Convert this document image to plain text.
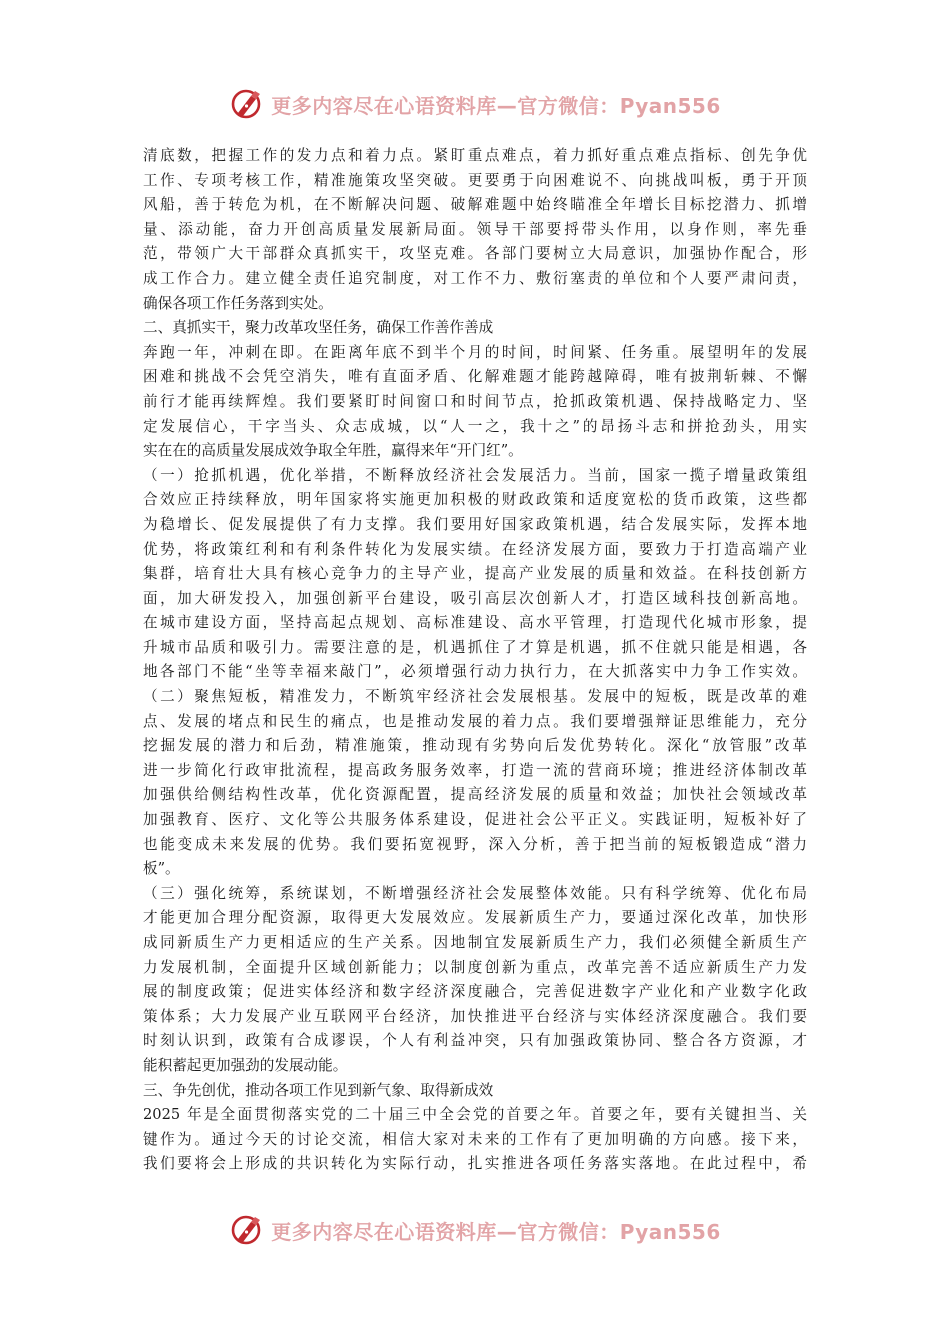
更多内容尽在心语资料库—官方微信：Pyan556
清底数，把握工作的发力点和着力点。紧盯重点难点，着力抓好重点难点指标、创先争优
工作、专项考核工作，精准施策攻坚突破。更要勇于向困难说不、向挑战叫板，勇于开顶
风船，善于转危为机，在不断解决问题、破解难题中始终瞄准全年增长目标挖潜力、抓增
量、添动能，奋力开创高质量发展新局面。领导干部要捋带头作用，以身作则，率先垂
范，带领广大干部群众真抓实干，攻坚克难。各部门要树立大局意识，加强协作配合，形
成工作合力。建立健全责任追究制度，对工作不力、敷衍塞责的单位和个人要严肃问责，
确保各项工作任务落到实处。
二、真抓实干，聚力改革攻坚任务，确保工作善作善成
奔跑一年，冲刺在即。在距离年底不到半个月的时间，时间紧、任务重。展望明年的发展
困难和挑战不会凭空消失，唯有直面矛盾、化解难题才能跨越障碍，唯有披荆斩棘、不懈
前行才能再续辉煌。我们要紧盯时间窗口和时间节点，抢抓政策机遇、保持战略定力、坚
定发展信心，干字当头、众志成城，以“人一之，我十之”的昂扬斗志和拼抢劲头，用实
实在在的高质量发展成效争取全年胜，赢得来年“开门红”。
（一）抢抓机遇，优化举措，不断释放经济社会发展活力。当前，国家一揽子增量政策组
合效应正持续释放，明年国家将实施更加积极的财政政策和适度宽松的货币政策，这些都
为稳增长、促发展提供了有力支撑。我们要用好国家政策机遇，结合发展实际，发挥本地
优势，将政策红利和有利条件转化为发展实绩。在经济发展方面，要致力于打造高端产业
集群，培育壮大具有核心竞争力的主导产业，提高产业发展的质量和效益。在科技创新方
面，加大研发投入，加强创新平台建设，吸引高层次创新人才，打造区域科技创新高地。
在城市建设方面，坚持高起点规划、高标准建设、高水平管理，打造现代化城市形象，提
升城市品质和吸引力。需要注意的是，机遇抓住了才算是机遇，抓不住就只能是相遇，各
地各部门不能“坐等幸福来敲门”，必须增强行动力执行力，在大抓落实中力争工作实效。
（二）聚焦短板，精准发力，不断筑牢经济社会发展根基。发展中的短板，既是改革的难
点、发展的堵点和民生的痛点，也是推动发展的着力点。我们要增强辩证思维能力，充分
挖掘发展的潜力和后劲，精准施策，推动现有劣势向后发优势转化。深化“放管服”改革
进一步简化行政审批流程，提高政务服务效率，打造一流的营商环境；推进经济体制改革
加强供给侧结构性改革，优化资源配置，提高经济发展的质量和效益；加快社会领域改革
加强教育、医疗、文化等公共服务体系建设，促进社会公平正义。实践证明，短板补好了
也能变成未来发展的优势。我们要拓宽视野，深入分析，善于把当前的短板锻造成“潜力
板”。
（三）强化统筹，系统谋划，不断增强经济社会发展整体效能。只有科学统筹、优化布局
才能更加合理分配资源，取得更大发展效应。发展新质生产力，要通过深化改革，加快形
成同新质生产力更相适应的生产关系。因地制宜发展新质生产力，我们必须健全新质生产
力发展机制，全面提升区域创新能力；以制度创新为重点，改革完善不适应新质生产力发
展的制度政策；促进实体经济和数字经济深度融合，完善促进数字产业化和产业数字化政
策体系；大力发展产业互联网平台经济，加快推进平台经济与实体经济深度融合。我们要
时刻认识到，政策有合成谬误，个人有利益冲突，只有加强政策协同、整合各方资源，才
能积蓄起更加强劲的发展动能。
三、争先创优，推动各项工作见到新气象、取得新成效
2025 年是全面贯彻落实党的二十届三中全会党的首要之年。首要之年，要有关键担当、关
键作为。通过今天的讨论交流，相信大家对未来的工作有了更加明确的方向感。接下来，
我们要将会上形成的共识转化为实际行动，扎实推进各项任务落实落地。在此过程中，希
更多内容尽在心语资料库—官方微信：Pyan556
